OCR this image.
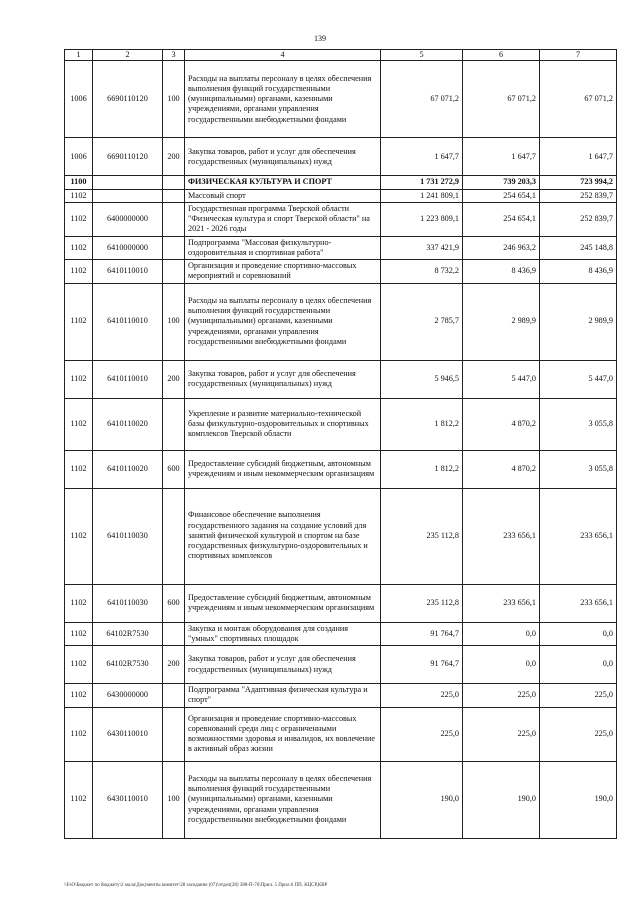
139
1	2	3	4	5	6	7
1006	6690110120	100	Расходы на выплаты персоналу в целях обеспечения выполнения функций государственными (муниципальными) органами, казенными учреждениями, органами управления государственными внебюджетными фондами	67 071,2	67 071,2	67 071,2
1006	6690110120	200	Закупка товаров, работ и услуг для обеспечения государственных (муниципальных) нужд	1 647,7	1 647,7	1 647,7
1100			ФИЗИЧЕСКАЯ КУЛЬТУРА И СПОРТ	1 731 272,9	739 203,3	723 994,2
1102			Массовый спорт	1 241 809,1	254 654,1	252 839,7
1102	6400000000		Государственная программа Тверской области "Физическая культура и спорт Тверской области" на 2021 - 2026 годы	1 223 809,1	254 654,1	252 839,7
1102	6410000000		Подпрограмма "Массовая физкультурно-оздоровительная и спортивная работа"	337 421,9	246 963,2	245 148,8
1102	6410110010		Организация и проведение спортивно-массовых мероприятий и соревнований	8 732,2	8 436,9	8 436,9
1102	6410110010	100	Расходы на выплаты персоналу в целях обеспечения выполнения функций государственными (муниципальными) органами, казенными учреждениями, органами управления государственными внебюджетными фондами	2 785,7	2 989,9	2 989,9
1102	6410110010	200	Закупка товаров, работ и услуг для обеспечения государственных (муниципальных) нужд	5 946,5	5 447,0	5 447,0
1102	6410110020		Укрепление и развитие материально-технической базы физкультурно-оздоровительных и спортивных комплексов Тверской области	1 812,2	4 870,2	3 055,8
1102	6410110020	600	Предоставление субсидий бюджетным, автономным учреждениям и иным некоммерческим организациям	1 812,2	4 870,2	3 055,8
1102	6410110030		Финансовое обеспечение выполнения государственного задания на создание условий для занятий физической культурой и спортом на базе государственных физкультурно-оздоровительных и спортивных комплексов	235 112,8	233 656,1	233 656,1
1102	6410110030	600	Предоставление субсидий бюджетным, автономным учреждениям и иным некоммерческим организациям	235 112,8	233 656,1	233 656,1
1102	64102R7530		Закупка и монтаж оборудования для создания "умных" спортивных площадок	91 764,7	0,0	0,0
1102	64102R7530	200	Закупка товаров, работ и услуг для обеспечения государственных (муниципальных) нужд	91 764,7	0,0	0,0
1102	6430000000		Подпрограмма "Адаптивная физическая культура и спорт"	225,0	225,0	225,0
1102	6430110010		Организация и проведение спортивно-массовых соревнований среди лиц с ограниченными возможностями здоровья и инвалидов, их вовлечение в активный образ жизни	225,0	225,0	225,0
1102	6430110010	100	Расходы на выплаты персоналу в целях обеспечения выполнения функций государственными (муниципальными) органами, казенными учреждениями, органами управления государственными внебюджетными фондами	190,0	190,0	190,0
\\FsO\Бюджет по бюджету\2 мала\Документы комитет\28 заседание (07)\отдел(28) 388-П-76\Прил. 5 Прил.6 ПП. КЦСР,КВР
